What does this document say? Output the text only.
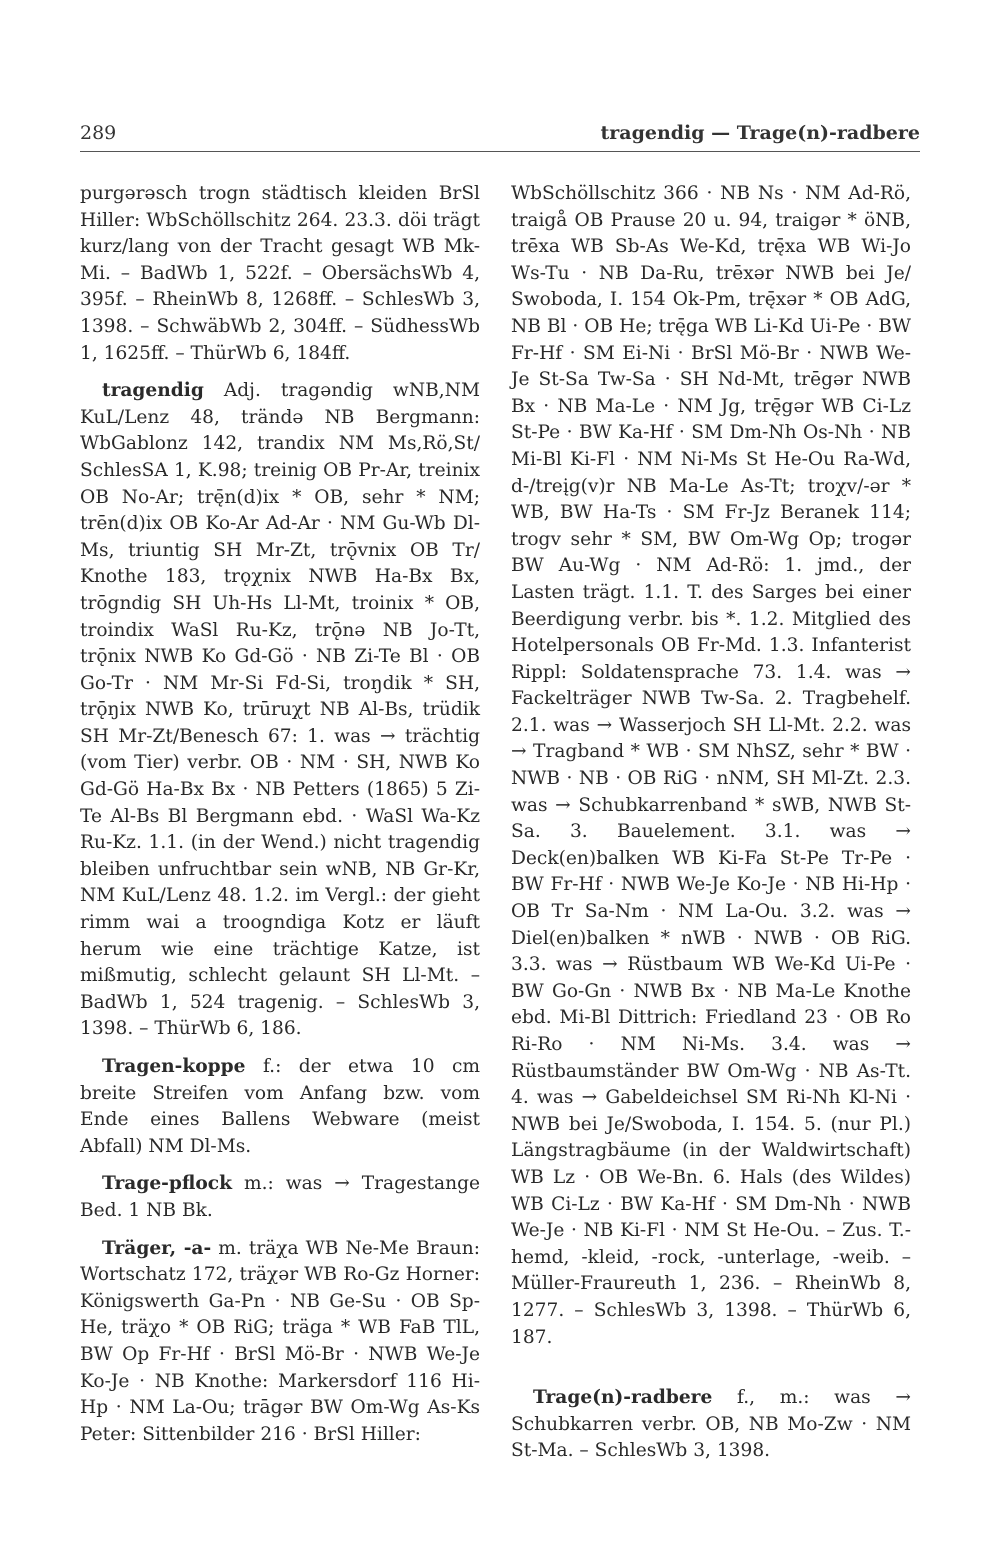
289	tragendig — Trage(n)-radbere

purgərəsch trogn städtisch kleiden BrSl Hiller: WbSchöllschitz 264. 23.3. döi trägt kurz/lang von der Tracht gesagt WB Mk-Mi. – BadWb 1, 522f. – ObersächsWb 4, 395f. – RheinWb 8, 1268ff. – SchlesWb 3, 1398. – SchwäbWb 2, 304ff. – SüdhessWb 1, 1625ff. – ThürWb 6, 184ff.

tragendig Adj. tragəndig wNB,NM KuL/Lenz 48, trändə NB Bergmann: WbGablonz 142, trandix NM Ms,Rö,St/ SchlesSA 1, K.98; treinig OB Pr-Ar, treinix OB No-Ar; trę̄n(d)ix * OB, sehr * NM; trēn(d)ix OB Ko-Ar Ad-Ar · NM Gu-Wb Dl-Ms, triuntig SH Mr-Zt, trǭvnix OB Tr/ Knothe 183, trǫχnix NWB Ha-Bx Bx, trōgndig SH Uh-Hs Ll-Mt, troinix * OB, troindix WaSl Ru-Kz, trǭnə NB Jo-Tt, trǭnix NWB Ko Gd-Gö · NB Zi-Te Bl · OB Go-Tr · NM Mr-Si Fd-Si, troŋdik * SH, trǭŋix NWB Ko, trūruχt NB Al-Bs, trüdik SH Mr-Zt/Benesch 67: 1. was → trächtig (vom Tier) verbr. OB · NM · SH, NWB Ko Gd-Gö Ha-Bx Bx · NB Petters (1865) 5 Zi-Te Al-Bs Bl Bergmann ebd. · WaSl Wa-Kz Ru-Kz. 1.1. (in der Wend.) nicht tragendig bleiben unfruchtbar sein wNB, NB Gr-Kr, NM KuL/Lenz 48. 1.2. im Vergl.: der gieht rimm wai a troogndiga Kotz er läuft herum wie eine trächtige Katze, ist mißmutig, schlecht gelaunt SH Ll-Mt. – BadWb 1, 524 tragenig. – SchlesWb 3, 1398. – ThürWb 6, 186.

Tragen-koppe f.: der etwa 10 cm breite Streifen vom Anfang bzw. vom Ende eines Ballens Webware (meist Abfall) NM Dl-Ms.

Trage-pflock m.: was → Tragestange Bed. 1 NB Bk.

Träger, -a- m. träχa WB Ne-Me Braun: Wortschatz 172, träχər WB Ro-Gz Horner: Königswerth Ga-Pn · NB Ge-Su · OB Sp-He, träχo * OB RiG; träga * WB FaB TlL, BW Op Fr-Hf · BrSl Mö-Br · NWB We-Je Ko-Je · NB Knothe: Markersdorf 116 Hi-Hp · NM La-Ou; trāgər BW Om-Wg As-Ks Peter: Sittenbilder 216 · BrSl Hiller:

WbSchöllschitz 366 · NB Ns · NM Ad-Rö, traigå OB Prause 20 u. 94, traigər * öNB, trēxa WB Sb-As We-Kd, trę̄xa WB Wi-Jo Ws-Tu · NB Da-Ru, trēxər NWB bei Je/ Swoboda, I. 154 Ok-Pm, trę̄xər * OB AdG, NB Bl · OB He; trę̄ga WB Li-Kd Ui-Pe · BW Fr-Hf · SM Ei-Ni · BrSl Mö-Br · NWB We-Je St-Sa Tw-Sa · SH Nd-Mt, trēgər NWB Bx · NB Ma-Le · NM Jg, trę̄gər WB Ci-Lz St-Pe · BW Ka-Hf · SM Dm-Nh Os-Nh · NB Mi-Bl Ki-Fl · NM Ni-Ms St He-Ou Ra-Wd, d-/treįg(v)r NB Ma-Le As-Tt; troχv/-ər * WB, BW Ha-Ts · SM Fr-Jz Beranek 114; trogv sehr * SM, BW Om-Wg Op; trogər BW Au-Wg · NM Ad-Rö: 1. jmd., der Lasten trägt. 1.1. T. des Sarges bei einer Beerdigung verbr. bis *. 1.2. Mitglied des Hotelpersonals OB Fr-Md. 1.3. Infanterist Rippl: Soldatensprache 73. 1.4. was → Fackelträger NWB Tw-Sa. 2. Tragbehelf. 2.1. was → Wasserjoch SH Ll-Mt. 2.2. was → Tragband * WB · SM NhSZ, sehr * BW · NWB · NB · OB RiG · nNM, SH Ml-Zt. 2.3. was → Schubkarrenband * sWB, NWB St-Sa. 3. Bauelement. 3.1. was → Deck(en)balken WB Ki-Fa St-Pe Tr-Pe · BW Fr-Hf · NWB We-Je Ko-Je · NB Hi-Hp · OB Tr Sa-Nm · NM La-Ou. 3.2. was → Diel(en)balken * nWB · NWB · OB RiG. 3.3. was → Rüstbaum WB We-Kd Ui-Pe · BW Go-Gn · NWB Bx · NB Ma-Le Knothe ebd. Mi-Bl Dittrich: Friedland 23 · OB Ro Ri-Ro · NM Ni-Ms. 3.4. was → Rüstbaumständer BW Om-Wg · NB As-Tt. 4. was → Gabeldeichsel SM Ri-Nh Kl-Ni · NWB bei Je/Swoboda, I. 154. 5. (nur Pl.) Längstragbäume (in der Waldwirtschaft) WB Lz · OB We-Bn. 6. Hals (des Wildes) WB Ci-Lz · BW Ka-Hf · SM Dm-Nh · NWB We-Je · NB Ki-Fl · NM St He-Ou. – Zus. T.-hemd, -kleid, -rock, -unterlage, -weib. – Müller-Fraureuth 1, 236. – RheinWb 8, 1277. – SchlesWb 3, 1398. – ThürWb 6, 187.

Trage(n)-radbere f., m.: was → Schubkarren verbr. OB, NB Mo-Zw · NM St-Ma. – SchlesWb 3, 1398.
